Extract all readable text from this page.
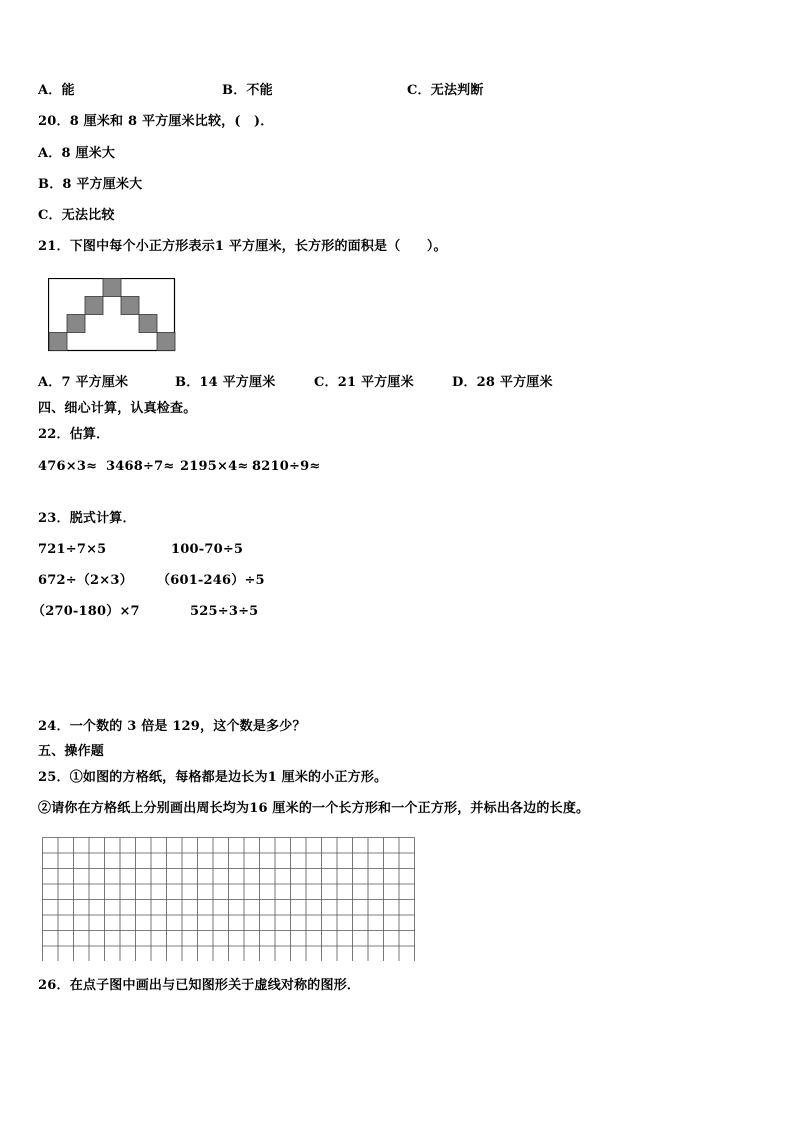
A．能	B．不能	C．无法判断
20．8 厘米和 8 平方厘米比较，(　)．
A．8 厘米大
B．8 平方厘米大
C．无法比较
21．下图中每个小正方形表示1 平方厘米，长方形的面积是（　　）。
A．7 平方厘米	B．14 平方厘米	C．21 平方厘米	D．28 平方厘米
四、细心计算，认真检查。
22．估算．
476×3≈ 3468÷7≈ 2195×4≈ 8210÷9≈
23．脱式计算．
721÷7×5	100-70÷5
672÷（2×3） （601-246）÷5
（270-180）×7	525÷3÷5
24．一个数的 3 倍是 129，这个数是多少？
五、操作题
25．①如图的方格纸，每格都是边长为1 厘米的小正方形。
②请你在方格纸上分别画出周长均为16 厘米的一个长方形和一个正方形，并标出各边的长度。
26．在点子图中画出与已知图形关于虚线对称的图形．
